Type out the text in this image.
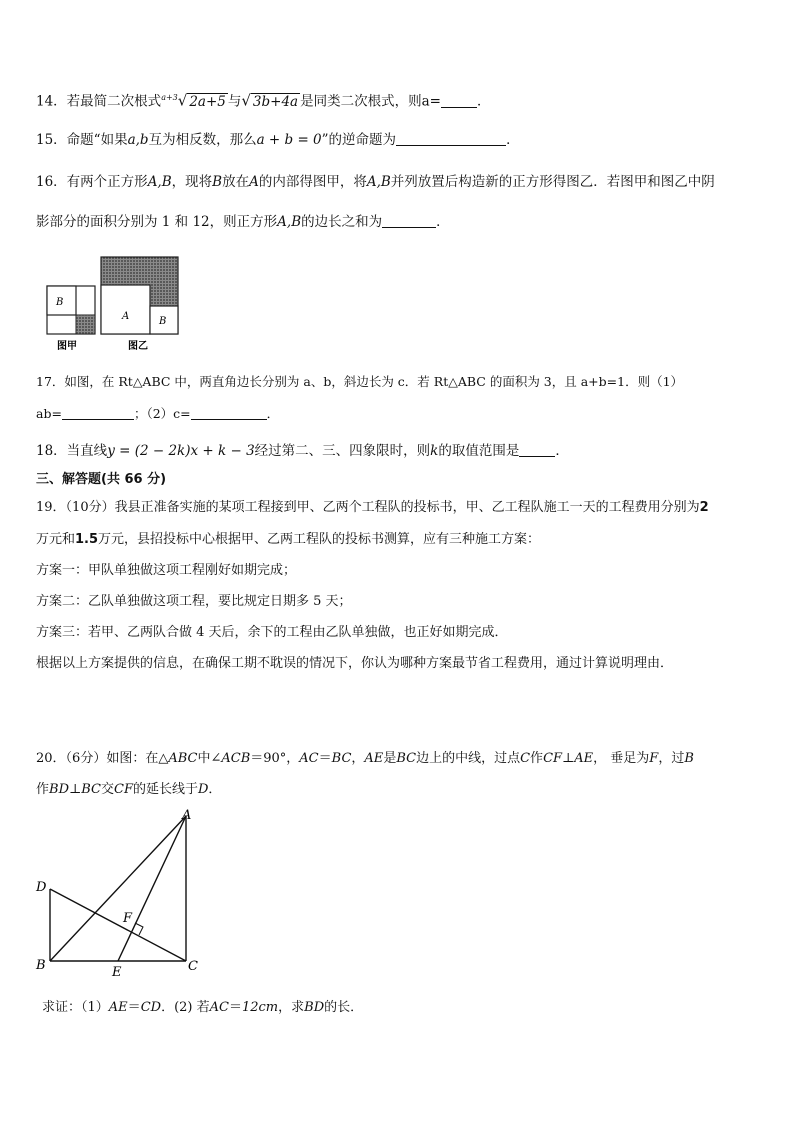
14．若最简二次根式$^{a+3}$√ 2a+5 与√ 3b+4a 是同类二次根式，则a=	．
15．命题“如果a,b互为相反数，那么a + b = 0”的逆命题为	．
16．有两个正方形A,B，现将B放在A的内部得图甲，将A,B并列放置后构造新的正方形得图乙．若图甲和图乙中阴
影部分的面积分别为 1 和 12，则正方形A,B的边长之和为	．
B
图甲
A	B
图乙
17．如图，在 Rt△ABC 中，两直角边长分别为 a、b，斜边长为 c．若 Rt△ABC 的面积为 3，且 a+b=1．则（1）
ab=	；（2）c=	．
18．当直线y = (2 − 2k)x + k − 3经过第二、三、四象限时，则k的取值范围是	．
三、解答题(共 66 分)
19．（10分）我县正准备实施的某项工程接到甲、乙两个工程队的投标书，甲、乙工程队施工一天的工程费用分别为2
万元和1.5万元，县招投标中心根据甲、乙两工程队的投标书测算，应有三种施工方案：
方案一：甲队单独做这项工程刚好如期完成；
方案二：乙队单独做这项工程，要比规定日期多 5 天；
方案三：若甲、乙两队合做 4 天后，余下的工程由乙队单独做，也正好如期完成．
根据以上方案提供的信息，在确保工期不耽误的情况下，你认为哪种方案最节省工程费用，通过计算说明理由．
20．（6分）如图：在△ABC中∠ACB＝90°，AC＝BC，AE是BC边上的中线，过点C作CF⊥AE， 垂足为F，过B
作BD⊥BC交CF的延长线于D．
A
D
B	C
E
F
求证：（1）AE＝CD．(2) 若AC＝12cm，求BD的长．
